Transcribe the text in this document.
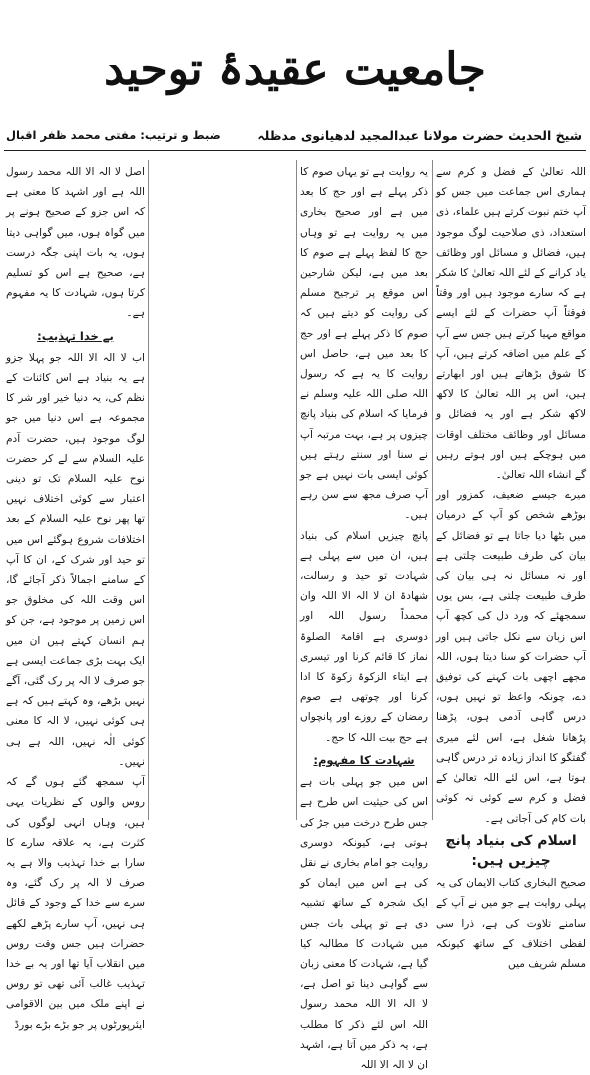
جامعیت عقیدۂ توحید
شیخ الحدیث حضرت مولانا عبدالمجید لدھیانوی مدظلہ
ضبط و ترتیب: مفتی محمد ظفر اقبال

اللہ تعالیٰ کے فضل و کرم سے ہماری اس جماعت میں جس کو آپ ختم نبوت کرتے ہیں علماء، ذی استعداد، ذی صلاحیت لوگ موجود ہیں، فضائل و مسائل اور وظائف یاد کرانے کے لئے اللہ تعالیٰ کا شکر ہے کہ سارے موجود ہیں اور وقتاً فوقتاً آپ حضرات کے لئے ایسے مواقع مہیا کرتے ہیں جس سے آپ کے علم میں اضافہ کرتے ہیں، آپ کا شوق بڑھاتے ہیں اور ابھارتے ہیں، اس پر اللہ تعالیٰ کا لاکھ لاکھ شکر ہے اور یہ فضائل و مسائل اور وظائف مختلف اوقات میں ہوچکے ہیں اور ہوتے رہیں گے انشاء اللہ تعالیٰ۔

میرے جیسے ضعیف، کمزور اور بوڑھے شخص کو آپ کے درمیان میں بٹھا دیا جاتا ہے تو فضائل کے بیان کی طرف طبیعت چلتی ہے اور نہ مسائل نہ ہی بیان کی طرف طبیعت چلتی ہے، بس یوں سمجھئے کہ ورد دل کی کچھ آپ اس زبان سے نکل جاتی ہیں اور آپ حضرات کو سنا دیتا ہوں، اللہ مجھے اچھی بات کہنے کی توفیق دے، چونکہ واعظ تو نہیں ہوں، درس گاہی آدمی ہوں، پڑھنا پڑھانا شغل ہے، اس لئے میری گفتگو کا انداز زیادہ تر درس گاہی ہوتا ہے، اس لئے اللہ تعالیٰ کے فضل و کرم سے کوئی نہ کوئی بات کام کی آجاتی ہے۔

اسلام کی بنیاد پانچ چیزیں ہیں:

صحیح البخاری کتاب الایمان کی یہ پہلی روایت ہے جو میں نے آپ کے سامنے تلاوت کی ہے، ذرا سی لفظی اختلاف کے ساتھ کیونکہ مسلم شریف میں

یہ روایت ہے تو یہاں صوم کا ذکر پہلے ہے اور حج کا بعد میں ہے اور صحیح بخاری میں یہ روایت ہے تو وہاں حج کا لفظ پہلے ہے صوم کا بعد میں ہے، لیکن شارحین اس موقع پر ترجیح مسلم کی روایت کو دیتے ہیں کہ صوم کا ذکر پہلے ہے اور حج کا بعد میں ہے، حاصل اس روایت کا یہ ہے کہ رسول اللہ صلی اللہ علیہ وسلم نے فرمایا کہ اسلام کی بنیاد پانچ چیزوں پر ہے، بہت مرتبہ آپ نے سنا اور سنتے رہتے ہیں کوئی ایسی بات نہیں ہے جو آپ صرف مجھ سے سن رہے ہیں۔

پانچ چیزیں اسلام کی بنیاد ہیں، ان میں سے پہلی ہے شہادت تو حید و رسالت، شھادۃ ان لا الہ الا اللہ وان محمداً رسول اللہ اور دوسری ہے اقامۃ الصلوۃ نماز کا قائم کرنا اور تیسری ہے ایتاء الزکوۃ زکوۃ کا ادا کرنا اور چوتھی ہے صوم رمضان کے روزے اور پانچواں ہے حج بیت اللہ کا حج۔

شہادت کا مفہوم:

اس میں جو پہلی بات ہے اس کی حیثیت اس طرح ہے جس طرح درخت میں جڑ کی ہوتی ہے، کیونکہ دوسری روایت جو امام بخاری نے نقل کی ہے اس میں ایمان کو ایک شجرہ کے ساتھ تشبیہ دی ہے تو پہلی بات جس میں شہادت کا مطالبہ کیا گیا ہے، شہادت کا معنی زبان سے گواہی دینا تو اصل ہے، لا الہ الا اللہ محمد رسول اللہ اس لئے ذکر کا مطلب ہے، یہ ذکر میں آتا ہے، اشہد ان لا الہ الا اللہ

اصل لا الہ الا اللہ محمد رسول اللہ ہے اور اشہد کا معنی ہے کہ اس جزو کے صحیح ہونے پر میں گواہ ہوں، میں گواہی دیتا ہوں، یہ بات اپنی جگہ درست ہے، صحیح ہے اس کو تسلیم کرتا ہوں، شہادت کا یہ مفہوم ہے۔

بے خدا تہذیب:

اب لا الہ الا اللہ جو پہلا جزو ہے یہ بنیاد ہے اس کائنات کے نظم کی، یہ دنیا خیر اور شر کا مجموعہ ہے اس دنیا میں جو لوگ موجود ہیں، حضرت آدم علیہ السلام سے لے کر حضرت نوح علیہ السلام تک تو دینی اعتبار سے کوئی اختلاف نہیں تھا پھر نوح علیہ السلام کے بعد اختلافات شروع ہوگئے اس میں تو حید اور شرک کے، ان کا آپ کے سامنے اجمالاً ذکر آجائے گا، اس وقت اللہ کی مخلوق جو اس زمین پر موجود ہے، جن کو ہم انسان کہتے ہیں ان میں ایک بہت بڑی جماعت ایسی ہے جو صرف لا الہ پر رک گئی، آگے نہیں بڑھے، وہ کہتے ہیں کہ ہے ہی کوئی نہیں، لا الہ کا معنی کوئی الٰہ نہیں، اللہ ہے ہی نہیں۔

آپ سمجھ گئے ہوں گے کہ روس والوں کے نظریات یہی ہیں، وہاں انہی لوگوں کی کثرت ہے، یہ علاقہ سارے کا سارا بے خدا تہذیب والا ہے یہ صرف لا الہ پر رک گئے، وہ سرے سے خدا کے وجود کے قائل ہی نہیں، آپ سارے پڑھے لکھے حضرات ہیں جس وقت روس میں انقلاب آیا تھا اور یہ بے خدا تہذیب غالب آئی تھی تو روس نے اپنے ملک میں بین الاقوامی ایئرپورٹوں پر جو بڑے بڑے بورڈ
